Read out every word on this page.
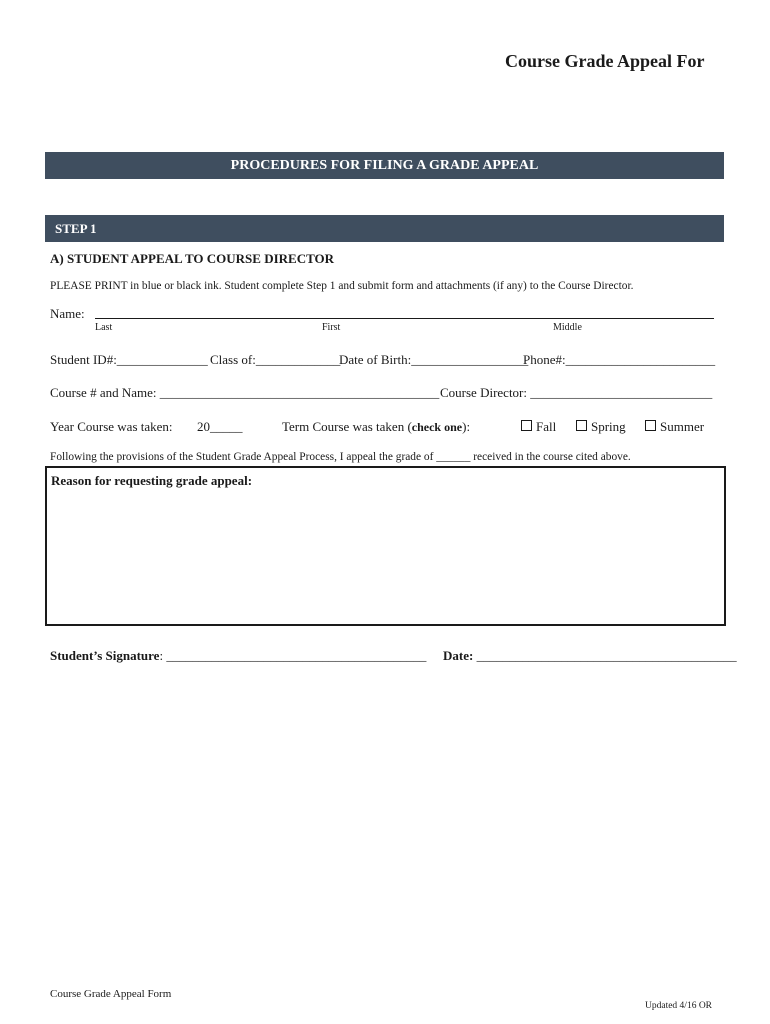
Course Grade Appeal For
PROCEDURES FOR FILING A GRADE APPEAL
STEP 1
A) STUDENT APPEAL TO COURSE DIRECTOR
PLEASE PRINT in blue or black ink. Student complete Step 1 and submit form and attachments (if any) to the Course Director.
Name:
Last	First	Middle
Student ID#:______________ Class of:_____________
Date of Birth:__________________
Phone#:_______________________
Course # and Name: ___________________________________________ Course Director: ____________________________
Year Course was taken: 20_____	Term Course was taken (check one):	Fall	Spring	Summer
Following the provisions of the Student Grade Appeal Process, I appeal the grade of ______ received in the course cited above.
Reason for requesting grade appeal:
Student’s Signature: ________________________________________ Date: ________________________________________
Course Grade Appeal Form
Updated 4/16 OR
